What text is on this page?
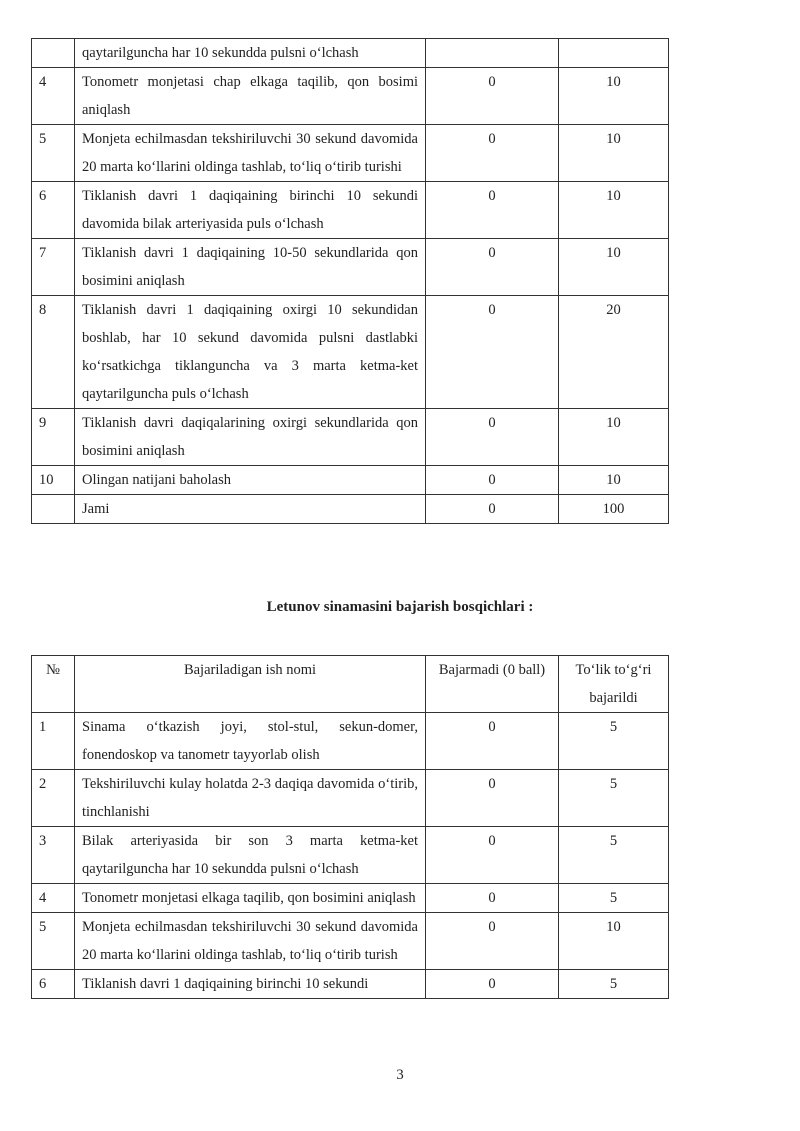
	qaytarilguncha har 10 sekundda pulsni o‘lchash		
4	Tonometr monjetasi chap elkaga taqilib, qon bosimi aniqlash	0	10
5	Monjeta echilmasdan tekshiriluvchi 30 sekund davomida 20 marta ko‘llarini oldinga tashlab, to‘liq o‘tirib turishi	0	10
6	Tiklanish davri 1 daqiqaining birinchi 10 sekundi davomida bilak arteriyasida puls o‘lchash	0	10
7	Tiklanish davri 1 daqiqaining 10-50 sekundlarida qon bosimini aniqlash	0	10
8	Tiklanish davri 1 daqiqaining oxirgi 10 sekundidan boshlab, har 10 sekund davomida pulsni dastlabki ko‘rsatkichga tiklanguncha va 3 marta ketma-ket qaytarilguncha puls o‘lchash	0	20
9	Tiklanish davri daqiqalarining oxirgi sekundlarida qon bosimini aniqlash	0	10
10	Olingan natijani baholash	0	10
	Jami	0	100
Letunov sinamasini bajarish bosqichlari :
№	Bajariladigan ish nomi	Bajarmadi (0 ball)	To‘lik to‘g‘ri bajarildi
1	Sinama o‘tkazish joyi, stol-stul, sekun-domer, fonendoskop va tanometr tayyorlab olish	0	5
2	Tekshiriluvchi kulay holatda 2-3 daqiqa davomida o‘tirib, tinchlanishi	0	5
3	Bilak arteriyasida bir son 3 marta ketma-ket qaytarilguncha har 10 sekundda pulsni o‘lchash	0	5
4	Tonometr monjetasi elkaga taqilib, qon bosimini aniqlash	0	5
5	Monjeta echilmasdan tekshiriluvchi 30 sekund davomida 20 marta ko‘llarini oldinga tashlab, to‘liq o‘tirib turish	0	10
6	Tiklanish davri 1 daqiqaining birinchi 10 sekundi	0	5
3
